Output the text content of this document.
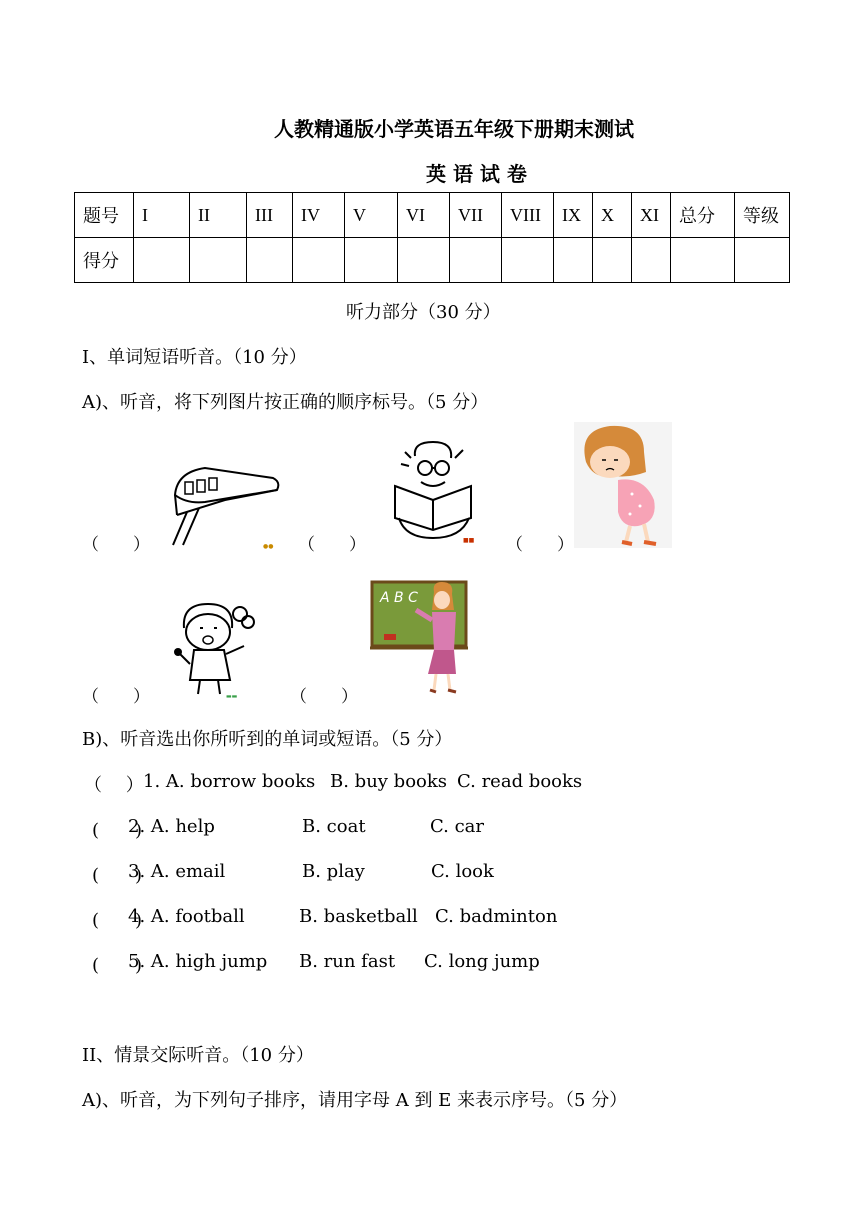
人教精通版小学英语五年级下册期末测试
英 语 试 卷
题号	I	II	III	IV	V	VI	VII	VIII	IX	X	XI	总分	等级
得分													
听力部分（30 分）
I、单词短语听音。（10 分）
A)、听音，将下列图片按正确的顺序标号。（5 分）
（　　）	●● （　　）	■■ （　　）
（　　）	▬▬	（　　）
A B C
B)、听音选出你所听到的单词或短语。（5 分）
（　 ） 1. A. borrow books B. buy books C. read books
(　　)
2. A. help	B. coat	C. car
(　　)
3. A. email	B. play	C. look
(　　)
4. A. football	B. basketball C. badminton
(　　)
5. A. high jump B. run fast C. long jump
II、情景交际听音。（10 分）
A)、听音，为下列句子排序，请用字母 A 到 E 来表示序号。（5 分）
